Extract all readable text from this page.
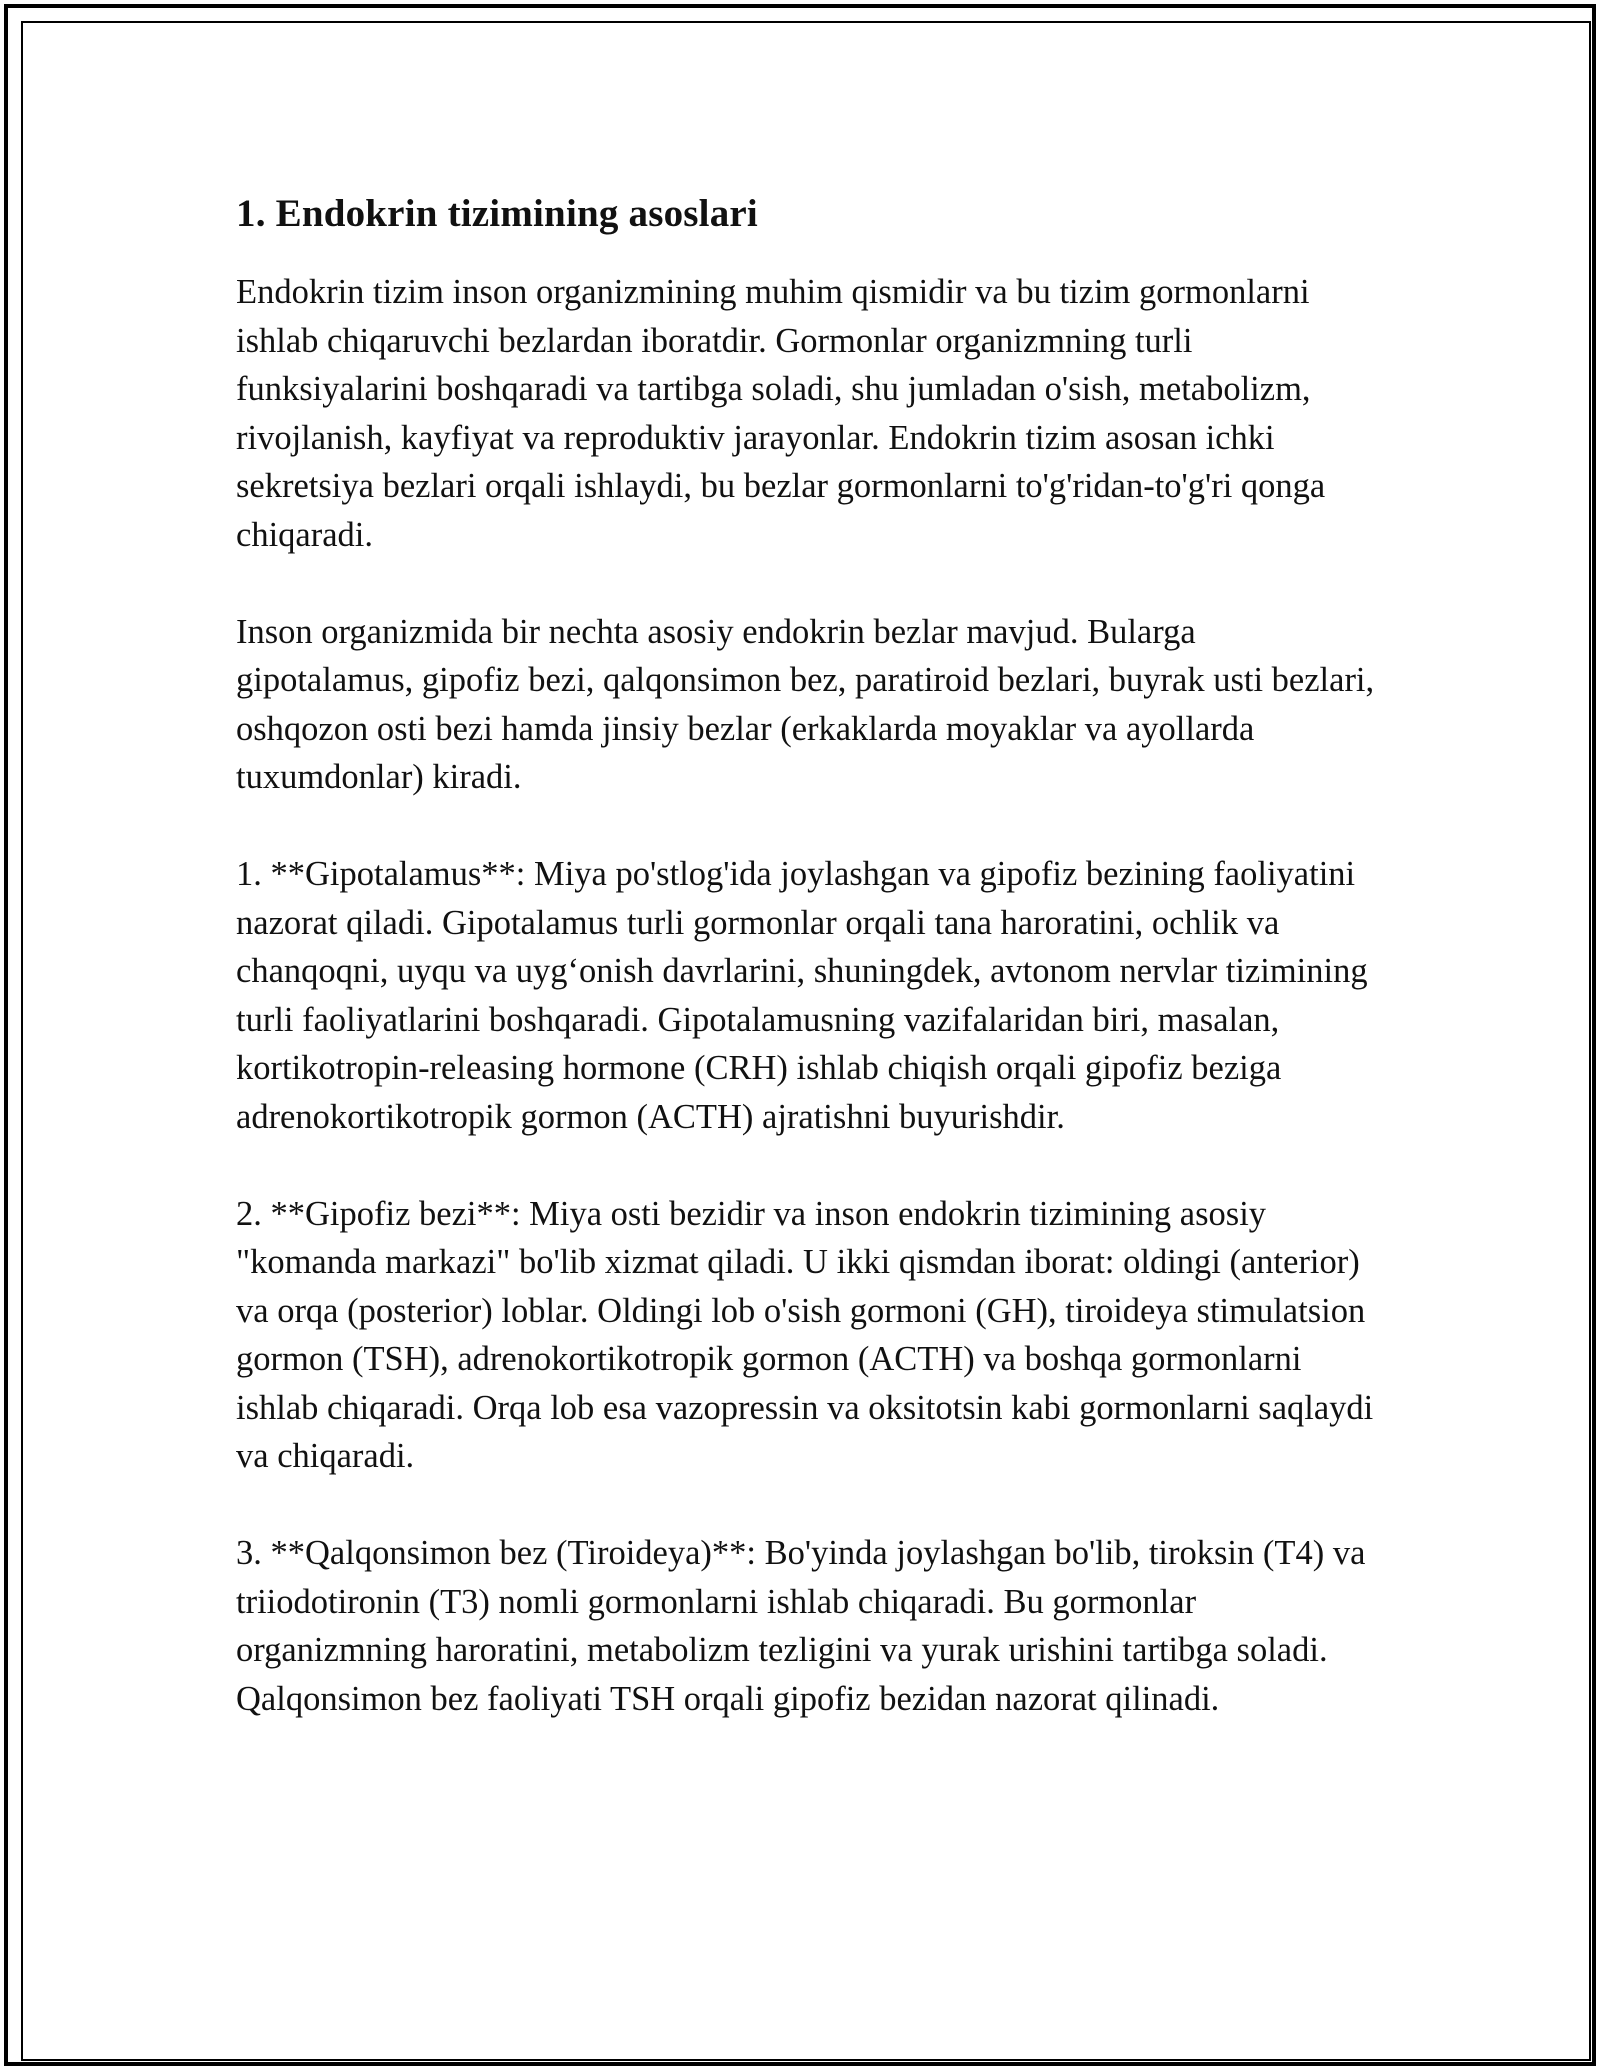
1. Endokrin tizimining asoslari

Endokrin tizim inson organizmining muhim qismidir va bu tizim gormonlarni ishlab chiqaruvchi bezlardan iboratdir. Gormonlar organizmning turli funksiyalarini boshqaradi va tartibga soladi, shu jumladan o'sish, metabolizm, rivojlanish, kayfiyat va reproduktiv jarayonlar. Endokrin tizim asosan ichki sekretsiya bezlari orqali ishlaydi, bu bezlar gormonlarni to'g'ridan-to'g'ri qonga chiqaradi.

Inson organizmida bir nechta asosiy endokrin bezlar mavjud. Bularga gipotalamus, gipofiz bezi, qalqonsimon bez, paratiroid bezlari, buyrak usti bezlari, oshqozon osti bezi hamda jinsiy bezlar (erkaklarda moyaklar va ayollarda tuxumdonlar) kiradi.

1. **Gipotalamus**: Miya po'stlog'ida joylashgan va gipofiz bezining faoliyatini nazorat qiladi. Gipotalamus turli gormonlar orqali tana haroratini, ochlik va chanqoqni, uyqu va uyg‘onish davrlarini, shuningdek, avtonom nervlar tizimining turli faoliyatlarini boshqaradi. Gipotalamusning vazifalaridan biri, masalan, kortikotropin-releasing hormone (CRH) ishlab chiqish orqali gipofiz beziga adrenokortikotropik gormon (ACTH) ajratishni buyurishdir.

2. **Gipofiz bezi**: Miya osti bezidir va inson endokrin tizimining asosiy "komanda markazi" bo'lib xizmat qiladi. U ikki qismdan iborat: oldingi (anterior) va orqa (posterior) loblar. Oldingi lob o'sish gormoni (GH), tiroideya stimulatsion gormon (TSH), adrenokortikotropik gormon (ACTH) va boshqa gormonlarni ishlab chiqaradi. Orqa lob esa vazopressin va oksitotsin kabi gormonlarni saqlaydi va chiqaradi.

3. **Qalqonsimon bez (Tiroideya)**: Bo'yinda joylashgan bo'lib, tiroksin (T4) va triiodotironin (T3) nomli gormonlarni ishlab chiqaradi. Bu gormonlar organizmning haroratini, metabolizm tezligini va yurak urishini tartibga soladi. Qalqonsimon bez faoliyati TSH orqali gipofiz bezidan nazorat qilinadi.
